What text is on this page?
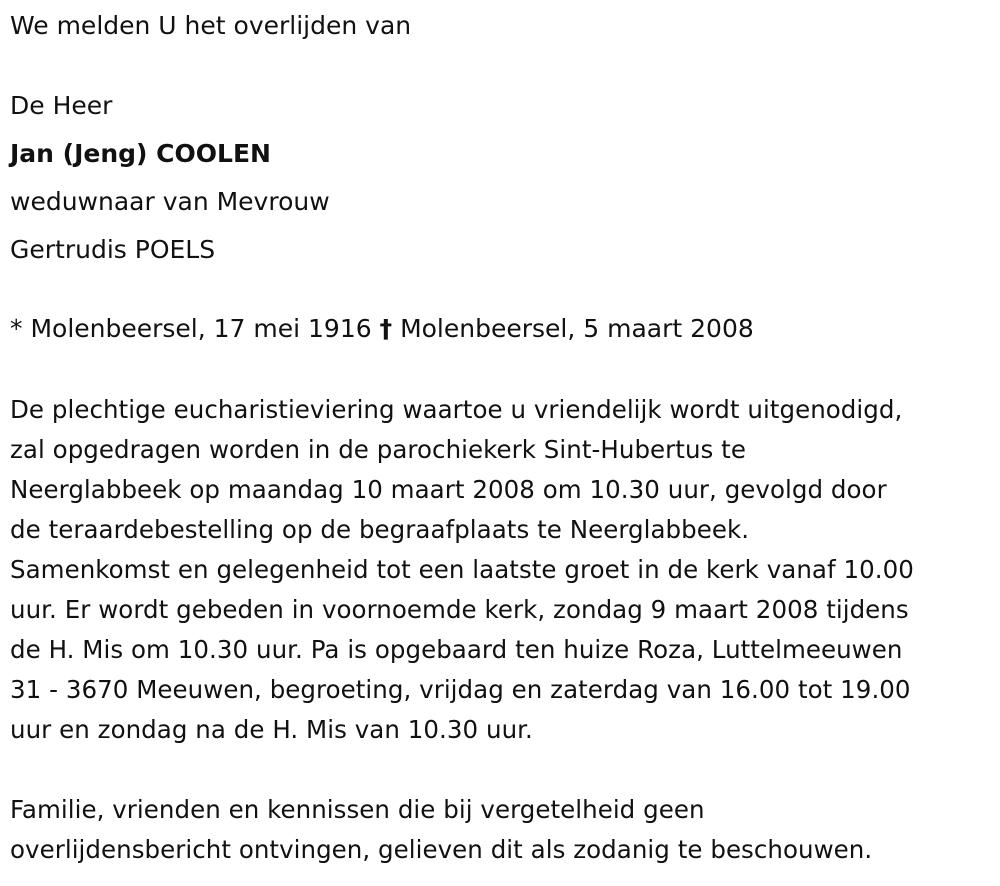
We melden U het overlijden van
De Heer
Jan (Jeng) COOLEN
weduwnaar van Mevrouw
Gertrudis POELS
* Molenbeersel, 17 mei 1916 † Molenbeersel, 5 maart 2008
De plechtige eucharistieviering waartoe u vriendelijk wordt uitgenodigd,
zal opgedragen worden in de parochiekerk Sint-Hubertus te
Neerglabbeek op maandag 10 maart 2008 om 10.30 uur, gevolgd door
de teraardebestelling op de begraafplaats te Neerglabbeek.
Samenkomst en gelegenheid tot een laatste groet in de kerk vanaf 10.00
uur. Er wordt gebeden in voornoemde kerk, zondag 9 maart 2008 tijdens
de H. Mis om 10.30 uur. Pa is opgebaard ten huize Roza, Luttelmeeuwen
31 - 3670 Meeuwen, begroeting, vrijdag en zaterdag van 16.00 tot 19.00
uur en zondag na de H. Mis van 10.30 uur.
Familie, vrienden en kennissen die bij vergetelheid geen
overlijdensbericht ontvingen, gelieven dit als zodanig te beschouwen.
